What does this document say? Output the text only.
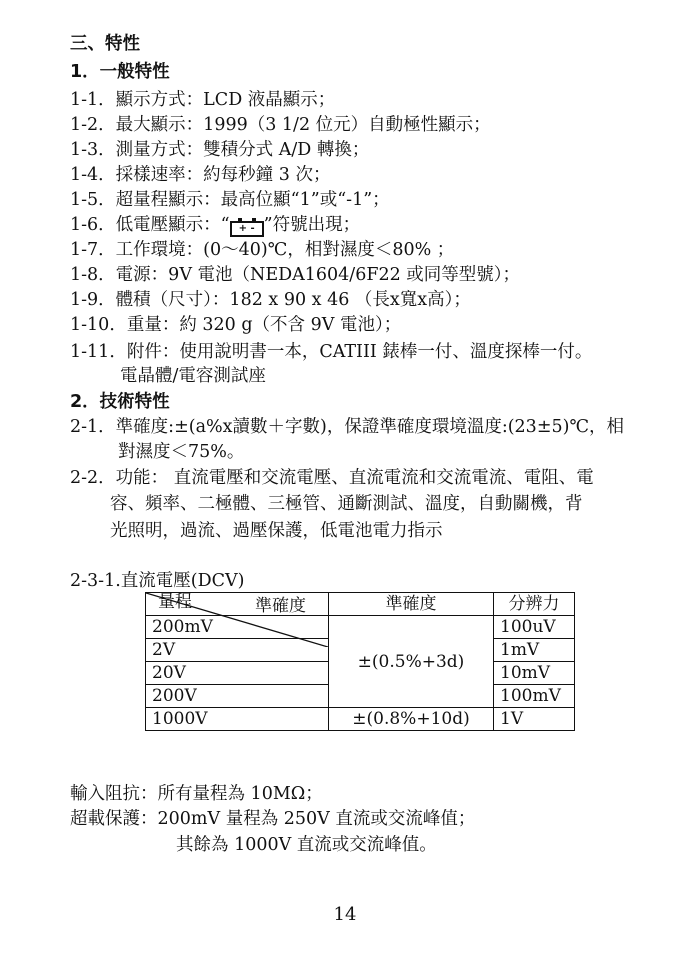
三、特性
1．一般特性
1-1．顯示方式：LCD 液晶顯示；
1-2．最大顯示：1999（3 1/2 位元）自動極性顯示；
1-3．測量方式：雙積分式 A/D 轉換；
1-4．採樣速率：約每秒鐘 3 次；
1-5．超量程顯示：最高位顯“1”或“-1”；
1-6．低電壓顯示：“ + - ”符號出現；
1-7．工作環境：(0～40)℃，相對濕度＜80% ；
1-8．電源：9V 電池（NEDA1604/6F22 或同等型號）；
1-9．體積（尺寸）：182 x 90 x 46 （長x寬x高）；
1-10．重量：約 320 g（不含 9V 電池）；
1-11．附件：使用說明書一本，CATIII 錶棒一付、溫度探棒一付。
電晶體/電容測試座
2．技術特性
2-1．準確度:±(a%x讀數＋字數)，保證準確度環境溫度:(23±5)℃，相
對濕度＜75%。
2-2．功能： 直流電壓和交流電壓、直流電流和交流電流、電阻、電
容、頻率、二極體、三極管、通斷測試、溫度，自動關機，背
光照明，過流、過壓保護，低電池電力指示
2-3-1.直流電壓(DCV)
準確度
量程	準確度	分辨力
200mV	±(0.5%+3d)	100uV
2V		1mV
20V		10mV
200V		100mV
1000V	±(0.8%+10d)	1V
輸入阻抗：所有量程為 10MΩ；
超載保護：200mV 量程為 250V 直流或交流峰值；
其餘為 1000V 直流或交流峰值。
14
